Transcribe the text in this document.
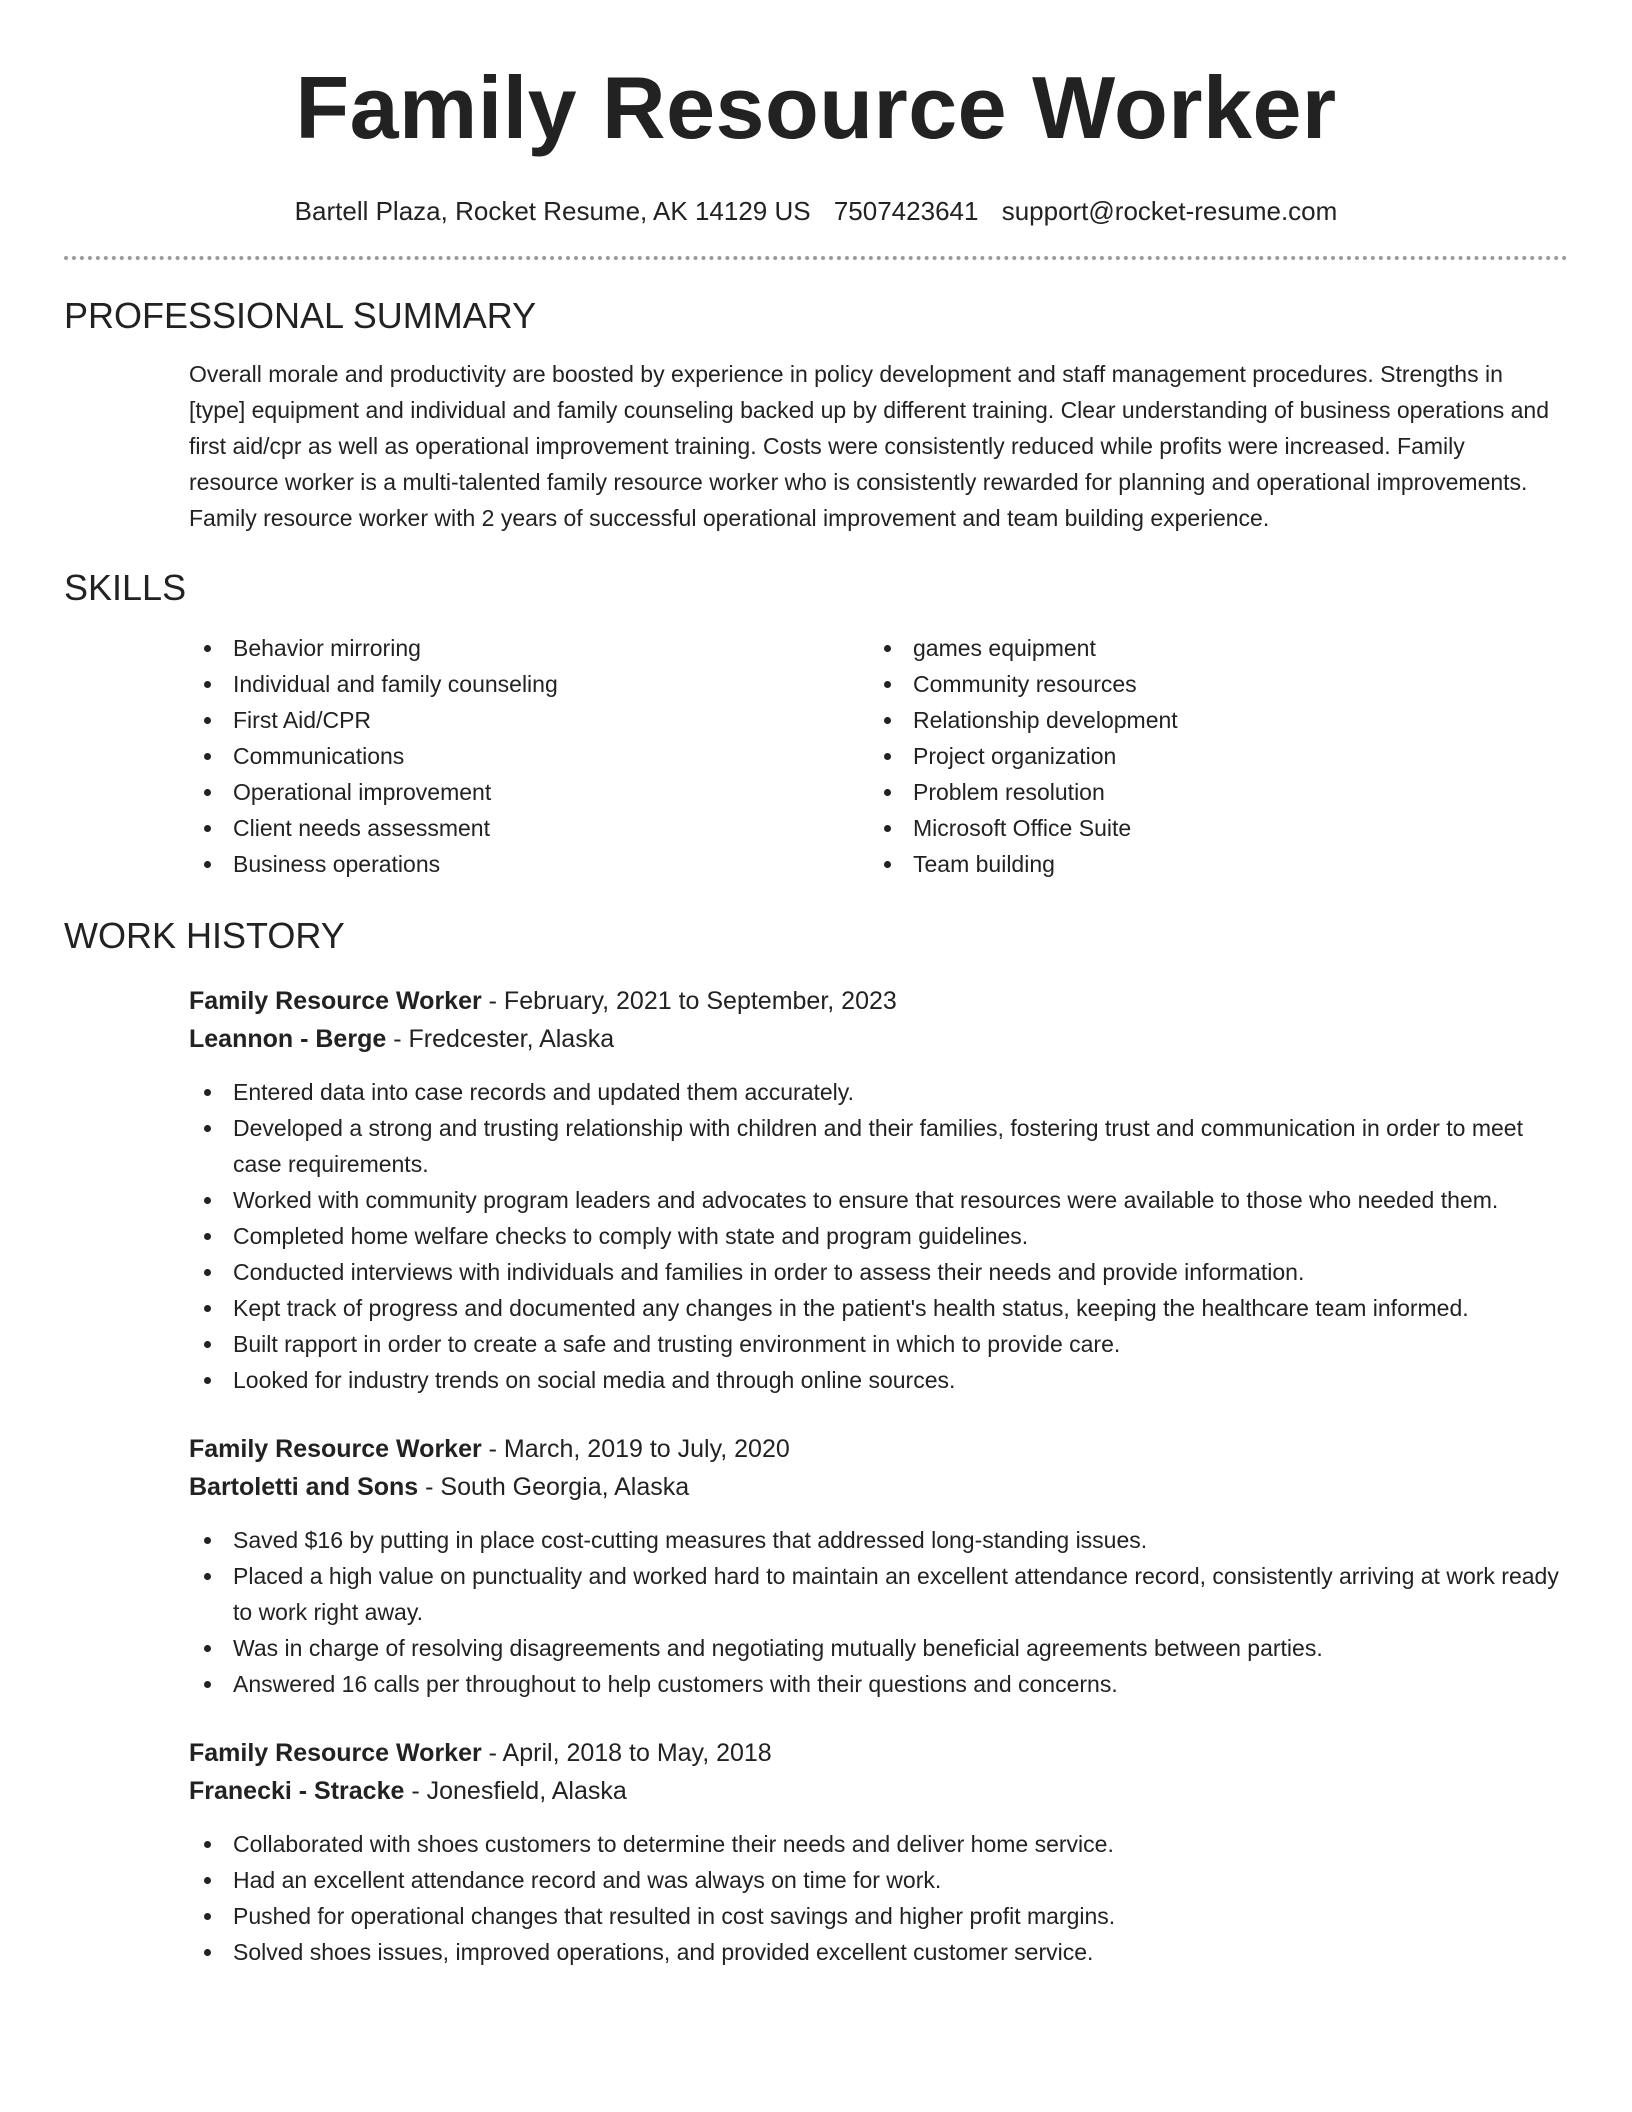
Family Resource Worker
Bartell Plaza, Rocket Resume, AK 14129 US 7507423641 support@rocket-resume.com
PROFESSIONAL SUMMARY
Overall morale and productivity are boosted by experience in policy development and staff management procedures. Strengths in [type] equipment and individual and family counseling backed up by different training. Clear understanding of business operations and first aid/cpr as well as operational improvement training. Costs were consistently reduced while profits were increased. Family resource worker is a multi-talented family resource worker who is consistently rewarded for planning and operational improvements. Family resource worker with 2 years of successful operational improvement and team building experience.
SKILLS
Behavior mirroring
Individual and family counseling
First Aid/CPR
Communications
Operational improvement
Client needs assessment
Business operations
games equipment
Community resources
Relationship development
Project organization
Problem resolution
Microsoft Office Suite
Team building
WORK HISTORY
Family Resource Worker - February, 2021 to September, 2023
Leannon - Berge - Fredcester, Alaska
Entered data into case records and updated them accurately.
Developed a strong and trusting relationship with children and their families, fostering trust and communication in order to meet case requirements.
Worked with community program leaders and advocates to ensure that resources were available to those who needed them.
Completed home welfare checks to comply with state and program guidelines.
Conducted interviews with individuals and families in order to assess their needs and provide information.
Kept track of progress and documented any changes in the patient's health status, keeping the healthcare team informed.
Built rapport in order to create a safe and trusting environment in which to provide care.
Looked for industry trends on social media and through online sources.
Family Resource Worker - March, 2019 to July, 2020
Bartoletti and Sons - South Georgia, Alaska
Saved $16 by putting in place cost-cutting measures that addressed long-standing issues.
Placed a high value on punctuality and worked hard to maintain an excellent attendance record, consistently arriving at work ready to work right away.
Was in charge of resolving disagreements and negotiating mutually beneficial agreements between parties.
Answered 16 calls per throughout to help customers with their questions and concerns.
Family Resource Worker - April, 2018 to May, 2018
Franecki - Stracke - Jonesfield, Alaska
Collaborated with shoes customers to determine their needs and deliver home service.
Had an excellent attendance record and was always on time for work.
Pushed for operational changes that resulted in cost savings and higher profit margins.
Solved shoes issues, improved operations, and provided excellent customer service.
